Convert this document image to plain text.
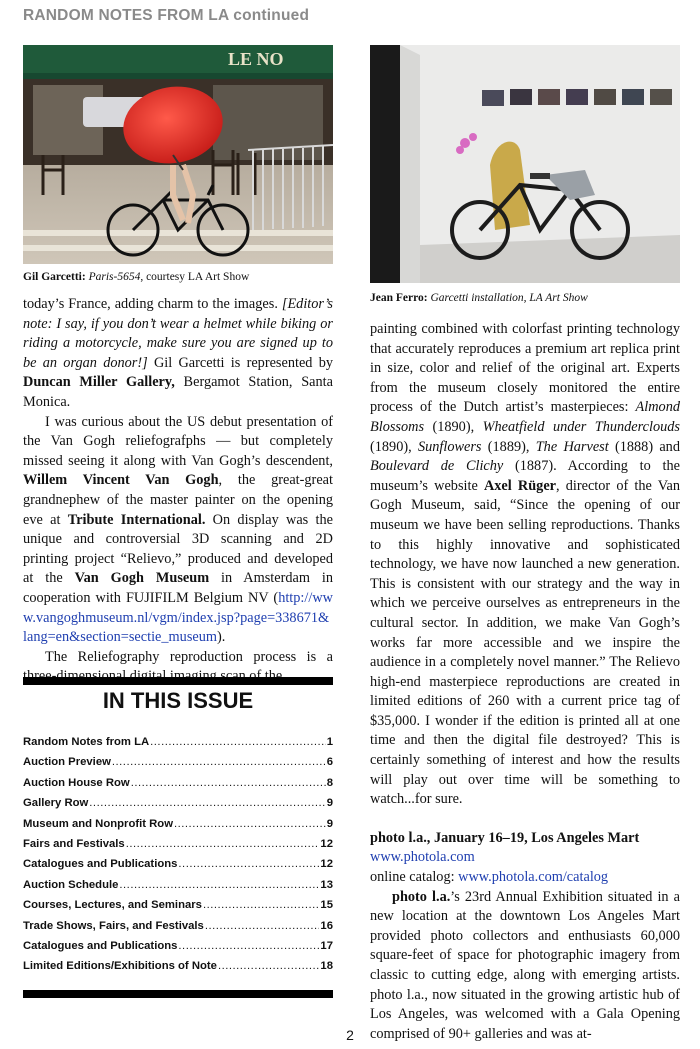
RANDOM NOTES FROM LA continued
LE NO
Gil Garcetti: Paris-5654, courtesy LA Art Show
Jean Ferro: Garcetti installation, LA Art Show

today’s France, adding charm to the images. [Editor’s note: I say, if you don’t wear a helmet while biking or riding a motorcycle, make sure you are signed up to be an organ donor!] Gil Garcetti is represented by Duncan Miller Gallery, Bergamot Station, Santa Monica.

I was curious about the US debut presentation of the Van Gogh reliefografphs — but completely missed seeing it along with Van Gogh’s descendent, Willem Vincent Van Gogh, the great-great grandnephew of the master painter on the opening eve at Tribute International. On display was the unique and controversial 3D scanning and 2D printing project “Relievo,” produced and developed at the Van Gogh Museum in Amsterdam in cooperation with FUJIFILM Belgium NV (http://www.vangoghmuseum.nl/vgm/index.jsp?page=338671&lang=en&section=sectie_museum).

The Reliefography reproduction process is a

IN THIS ISSUE
Random Notes from LA .....	1
Auction Preview .....	6
Auction House Row .....	8
Gallery Row .....	9
Museum and Nonprofit Row .....	9
Fairs and Festivals .....	12
Catalogues and Publications .....	12
Auction Schedule .....	13
Courses, Lectures, and Seminars .....	15
Trade Shows, Fairs, and Festivals .....	16
Catalogues and Publications .....	17
Limited Editions/Exhibitions of Note .....	18

painting combined with colorfast printing technology that accurately reproduces a premium art replica print in size, color and relief of the original art. Experts from the museum closely monitored the entire process of the Dutch artist’s masterpieces: Almond Blossoms (1890), Wheatfield under Thunderclouds (1890), Sunflowers (1889), The Harvest (1888) and Boulevard de Clichy (1887). According to the museum’s website Axel Rüger, director of the Van Gogh Museum, said, “Since the opening of our museum we have been selling reproductions. Thanks to this highly innovative and sophisticated technology, we have now launched a new generation. This is consistent with our strategy and the way in which we perceive ourselves as entrepreneurs in the cultural sector. In addition, we make Van Gogh’s works far more accessible and we inspire the audience in a completely novel manner.” The Relievo high-end masterpiece reproductions are created in limited editions of 260 with a current price tag of $35,000. I wonder if the edition is printed all at one time and then the digital file destroyed? This is certainly something of interest and how the results will play out over time will be something to watch...for sure.

photo l.a., January 16–19, Los Angeles Mart

www.photola.com

online catalog: www.photola.com/catalog

photo l.a.’s 23rd Annual Exhibition situated in a new location at the downtown Los Angeles Mart provided photo collectors and enthusiasts 60,000 square-feet of space for photographic imagery from classic to cutting edge, along with emerging artists. photo l.a., now situated in the growing artistic hub of Los Angeles, was welcomed with a Gala Opening comprised of 90+ galleries and was at-

2
